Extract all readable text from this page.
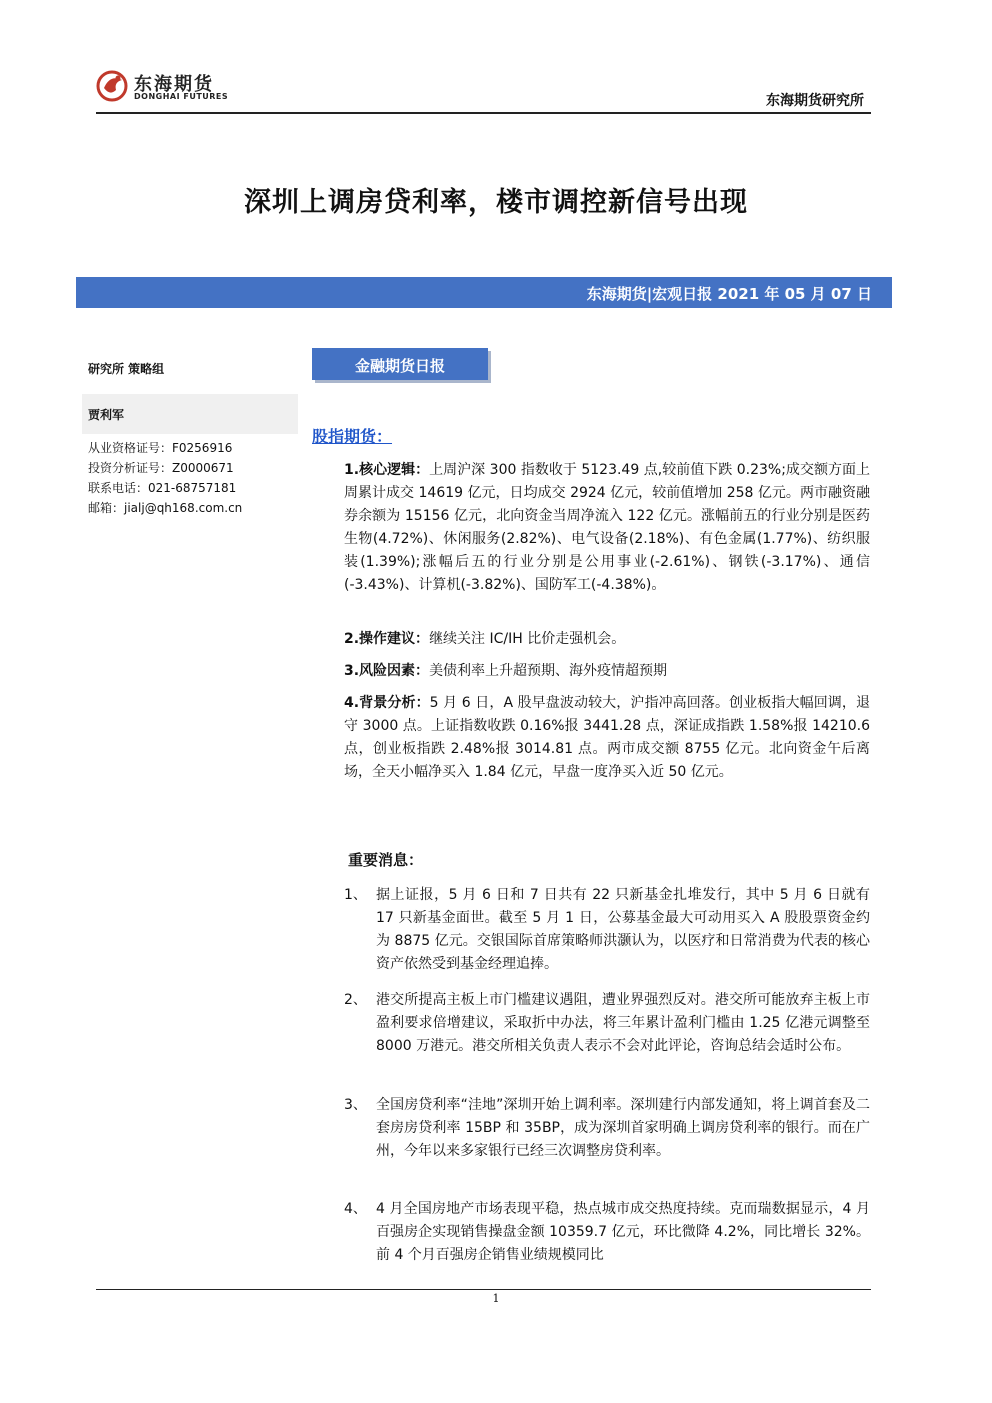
东海期货
DONGHAI FUTURES	东海期货研究所
深圳上调房贷利率，楼市调控新信号出现
东海期货|宏观日报 2021 年 05 月 07 日
研究所 策略组
贾利军
从业资格证号：F0256916
投资分析证号：Z0000671
联系电话：021-68757181
邮箱：jialj@qh168.com.cn
金融期货日报
股指期货：
1.核心逻辑：上周沪深 300 指数收于 5123.49 点,较前值下跌 0.23%;成交额方面上周累计成交 14619 亿元，日均成交 2924 亿元，较前值增加 258 亿元。两市融资融券余额为 15156 亿元，北向资金当周净流入 122 亿元。涨幅前五的行业分别是医药生物(4.72%)、休闲服务(2.82%)、电气设备(2.18%)、有色金属(1.77%)、纺织服装(1.39%);涨幅后五的行业分别是公用事业(-2.61%)、钢铁(-3.17%)、通信(-3.43%)、计算机(-3.82%)、国防军工(-4.38%)。
2.操作建议：继续关注 IC/IH 比价走强机会。
3.风险因素：美债利率上升超预期、海外疫情超预期
4.背景分析：5 月 6 日，A 股早盘波动较大，沪指冲高回落。创业板指大幅回调，退守 3000 点。上证指数收跌 0.16%报 3441.28 点，深证成指跌 1.58%报 14210.6 点，创业板指跌 2.48%报 3014.81 点。两市成交额 8755 亿元。北向资金午后离场，全天小幅净买入 1.84 亿元，早盘一度净买入近 50 亿元。
重要消息：
1、 据上证报，5 月 6 日和 7 日共有 22 只新基金扎堆发行，其中 5 月 6 日就有 17 只新基金面世。截至 5 月 1 日，公募基金最大可动用买入 A 股股票资金约为 8875 亿元。交银国际首席策略师洪灏认为，以医疗和日常消费为代表的核心资产依然受到基金经理追捧。
2、 港交所提高主板上市门槛建议遇阻，遭业界强烈反对。港交所可能放弃主板上市盈利要求倍增建议，采取折中办法，将三年累计盈利门槛由 1.25 亿港元调整至 8000 万港元。港交所相关负责人表示不会对此评论，咨询总结会适时公布。
3、 全国房贷利率“洼地”深圳开始上调利率。深圳建行内部发通知，将上调首套及二套房房贷利率 15BP 和 35BP，成为深圳首家明确上调房贷利率的银行。而在广州，今年以来多家银行已经三次调整房贷利率。
4、 4 月全国房地产市场表现平稳，热点城市成交热度持续。克而瑞数据显示，4 月百强房企实现销售操盘金额 10359.7 亿元，环比微降 4.2%，同比增长 32%。前 4 个月百强房企销售业绩规模同比
1
